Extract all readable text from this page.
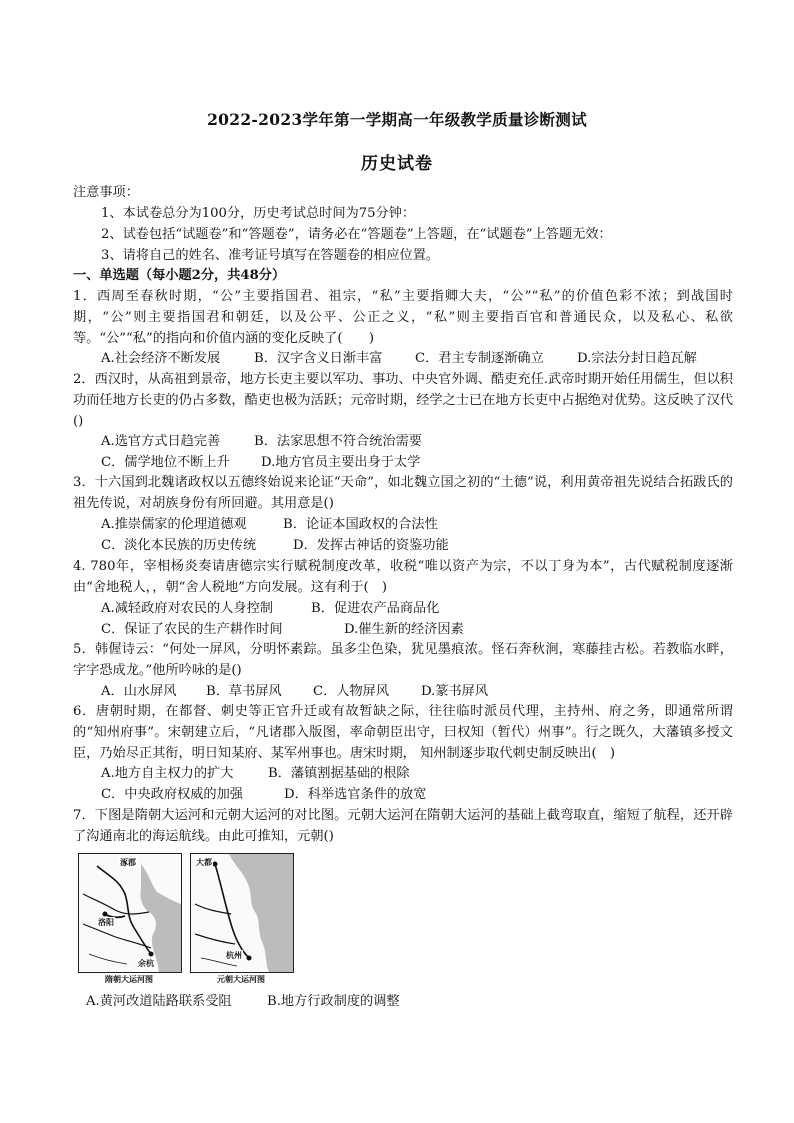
2022-2023学年第一学期高一年级教学质量诊断测试
历史试卷
注意事项：
1、本试卷总分为100分，历史考试总时间为75分钟：
2、试卷包括“试题卷”和“答题卷”，请务必在“答题卷”上答题，在“试题卷”上答题无效：
3、请将自己的姓名、准考证号填写在答题卷的相应位置。
一、单选题（每小题2分，共48分）
1．西周至春秋时期，“公”主要指国君、祖宗，“私”主要指卿大夫，“公”“私”的价值色彩不浓；到战国时期，“公”则主要指国君和朝廷，以及公平、公正之义，“私”则主要指百官和普通民众，以及私心、私欲等。“公”“私”的指向和价值内涵的变化反映了(　　)
A.社会经济不断发展	B．汉字含义日渐丰富 C．君主专制逐渐确立	D.宗法分封日趋瓦解
2．西汉时，从高祖到景帝，地方长吏主要以军功、事功、中央官外调、酷吏充任.武帝时期开始任用儒生，但以积功而任地方长吏的仍占多数，酷吏也极为活跃；元帝时期，经学之士已在地方长吏中占据绝对优势。这反映了汉代()
A.选官方式日趋完善	B．法家思想不符合统治需要
C．儒学地位不断上升 D.地方官员主要出身于太学
3．十六国到北魏诸政权以五德终始说来论证“天命”，如北魏立国之初的“土德”说，利用黄帝祖先说结合拓跋氏的祖先传说，对胡族身份有所回避。其用意是()
A.推崇儒家的伦理道德观	B．论证本国政权的合法性
C．淡化本民族的历史传统	D．发挥古神话的资鉴功能
4. 780年，宰相杨炎奏请唐德宗实行赋税制度改革，收税“唯以资产为宗，不以丁身为本”，古代赋税制度逐渐由“舍地税人，，朝“舍人税地”方向发展。这有利于(　)
A.减轻政府对农民的人身控制	B．促进农产品商品化
C．保证了农民的生产耕作时间	D.催生新的经济因素
5．韩偓诗云：“何处一屏风，分明怀素踪。虽多尘色染，犹见墨痕浓。怪石奔秋涧，寒藤挂古松。若教临水畔，字字恐成龙。”他所吟咏的是()
A．山水屏风 B．草书屏风 C．人物屏风 D.篆书屏风
6．唐朝时期，在都督、刺史等正官升迁或有故暂缺之际，往往临时派员代理，主持州、府之务，即通常所谓的“知州府事”。宋朝建立后，“凡诸郡入版图，率命朝臣出守，曰权知（暂代）州事”。行之既久，大藩镇多授文臣，乃始尽正其衔，明日知某府、某军州事也。唐宋时期， 知州制逐步取代刺史制反映出(　)
A.地方自主权力的扩大	B．藩镇割据基础的根除
C．中央政府权威的加强	D．科举选官条件的放宽
7．下图是隋朝大运河和元朝大运河的对比图。元朝大运河在隋朝大运河的基础上截弯取直，缩短了航程，还开辟了沟通南北的海运航线。由此可推知，元朝()
涿郡
洛阳
余杭
隋朝大运河图
大都
杭州
元朝大运河图
A.黄河改道陆路联系受阻	B.地方行政制度的调整
